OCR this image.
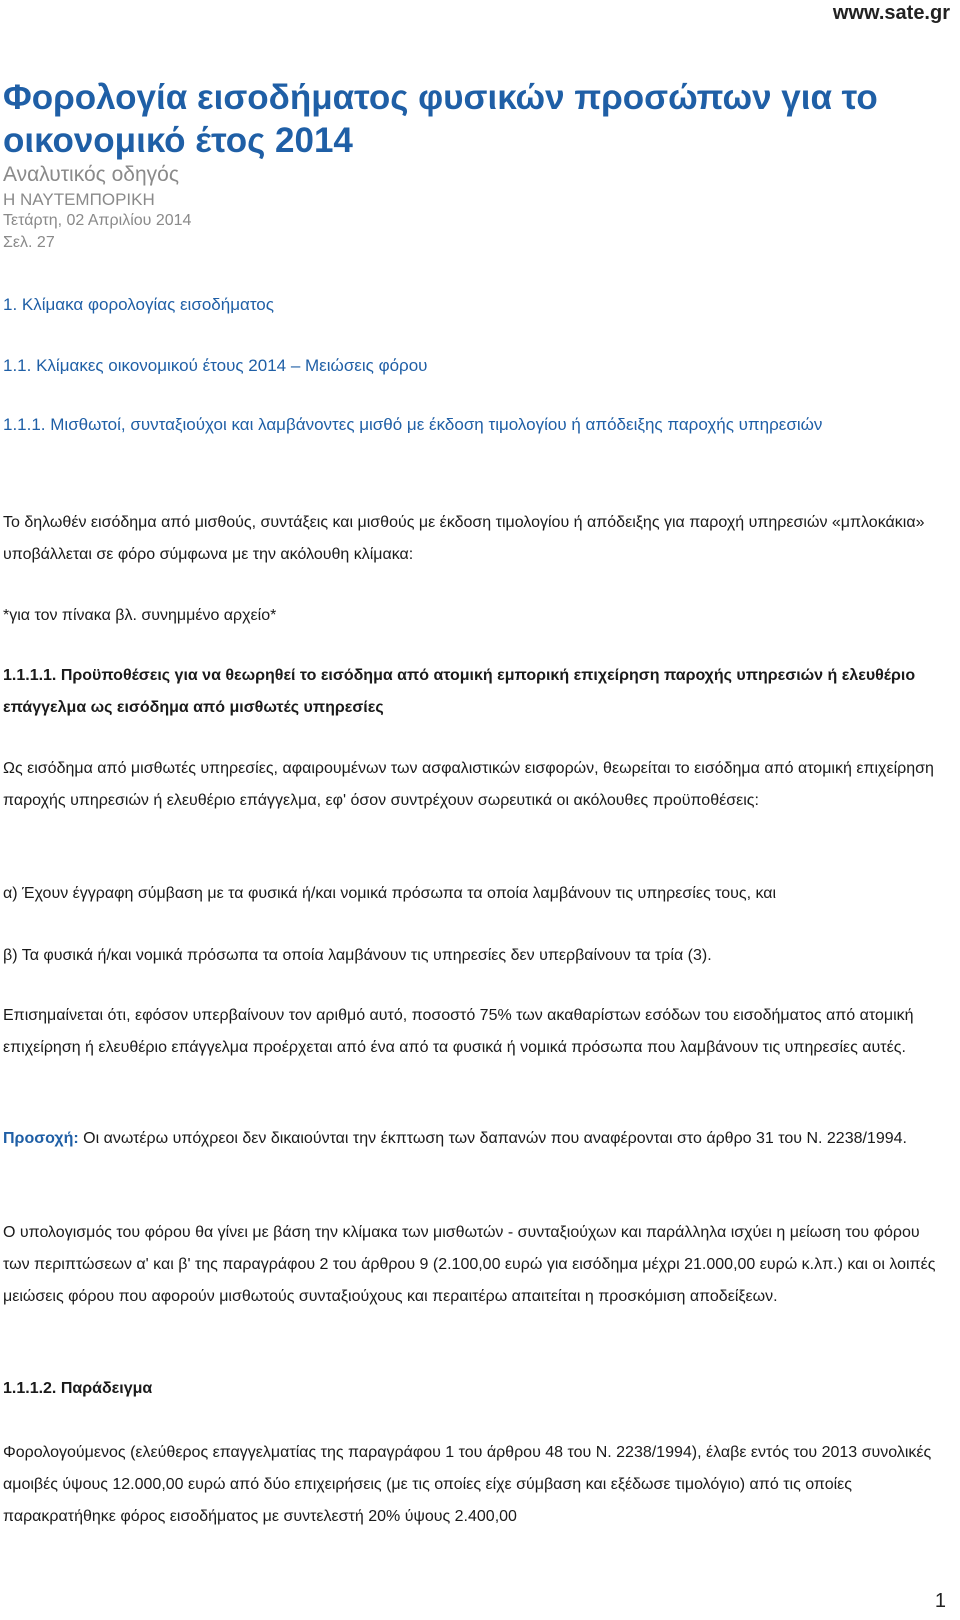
www.sate.gr
Φορολογία εισοδήματος φυσικών προσώπων για το οικονομικό έτος 2014
Αναλυτικός οδηγός
Η ΝΑΥΤΕΜΠΟΡΙΚΗ
Τετάρτη, 02 Απριλίου 2014
Σελ. 27
1. Κλίμακα φορολογίας εισοδήματος
1.1. Κλίμακες οικονομικού έτους 2014 – Μειώσεις φόρου
1.1.1. Μισθωτοί, συνταξιούχοι και λαμβάνοντες μισθό με έκδοση τιμολογίου ή απόδειξης παροχής υπηρεσιών
Το δηλωθέν εισόδημα από μισθούς, συντάξεις και μισθούς με έκδοση τιμολογίου ή απόδειξης για παροχή υπηρεσιών «μπλοκάκια» υποβάλλεται σε φόρο σύμφωνα με την ακόλουθη κλίμακα:
*για τον πίνακα βλ. συνημμένο αρχείο*
1.1.1.1. Προϋποθέσεις για να θεωρηθεί το εισόδημα από ατομική εμπορική επιχείρηση παροχής υπηρεσιών ή ελευθέριο επάγγελμα ως εισόδημα από μισθωτές υπηρεσίες
Ως εισόδημα από μισθωτές υπηρεσίες, αφαιρουμένων των ασφαλιστικών εισφορών, θεωρείται το εισόδημα από ατομική επιχείρηση παροχής υπηρεσιών ή ελευθέριο επάγγελμα, εφ' όσον συντρέχουν σωρευτικά οι ακόλουθες προϋποθέσεις:
α) Έχουν έγγραφη σύμβαση με τα φυσικά ή/και νομικά πρόσωπα τα οποία λαμβάνουν τις υπηρεσίες τους, και
β) Τα φυσικά ή/και νομικά πρόσωπα τα οποία λαμβάνουν τις υπηρεσίες δεν υπερβαίνουν τα τρία (3).
Επισημαίνεται ότι, εφόσον υπερβαίνουν τον αριθμό αυτό, ποσοστό 75% των ακαθαρίστων εσόδων του εισοδήματος από ατομική επιχείρηση ή ελευθέριο επάγγελμα προέρχεται από ένα από τα φυσικά ή νομικά πρόσωπα που λαμβάνουν τις υπηρεσίες αυτές.
Προσοχή: Οι ανωτέρω υπόχρεοι δεν δικαιούνται την έκπτωση των δαπανών που αναφέρονται στο άρθρο 31 του Ν. 2238/1994.
Ο υπολογισμός του φόρου θα γίνει με βάση την κλίμακα των μισθωτών - συνταξιούχων και παράλληλα ισχύει η μείωση του φόρου των περιπτώσεων α' και β' της παραγράφου 2 του άρθρου 9 (2.100,00 ευρώ για εισόδημα μέχρι 21.000,00 ευρώ κ.λπ.) και οι λοιπές μειώσεις φόρου που αφορούν μισθωτούς συνταξιούχους και περαιτέρω απαιτείται η προσκόμιση αποδείξεων.
1.1.1.2. Παράδειγμα
Φορολογούμενος (ελεύθερος επαγγελματίας της παραγράφου 1 του άρθρου 48 του Ν. 2238/1994), έλαβε εντός του 2013 συνολικές αμοιβές ύψους 12.000,00 ευρώ από δύο επιχειρήσεις (με τις οποίες είχε σύμβαση και εξέδωσε τιμολόγιο) από τις οποίες παρακρατήθηκε φόρος εισοδήματος με συντελεστή 20% ύψους 2.400,00
1
